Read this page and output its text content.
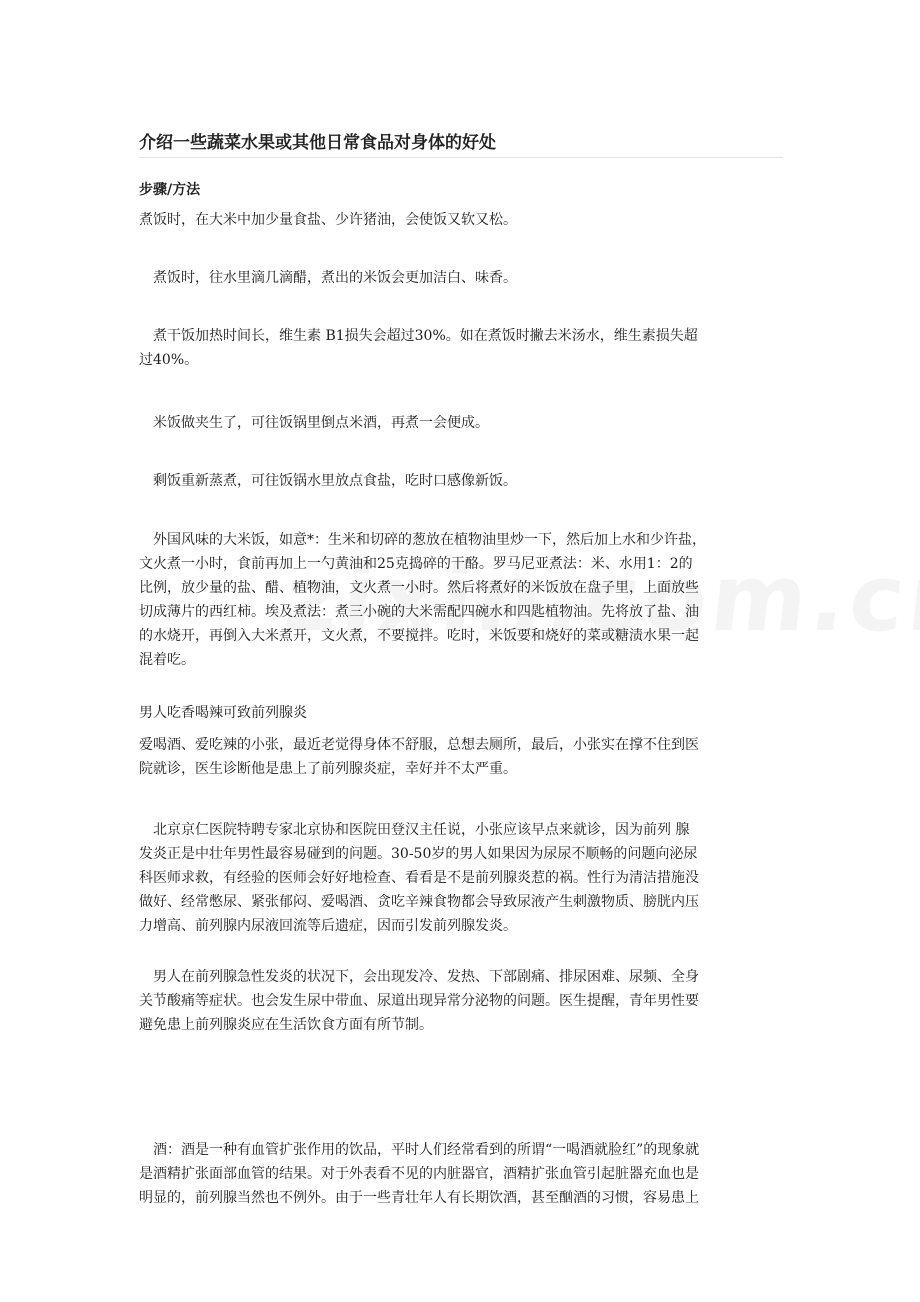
介绍一些蔬菜水果或其他日常食品对身体的好处
步骤/方法
煮饭时，在大米中加少量食盐、少许猪油，会使饭又软又松。
　煮饭时，往水里滴几滴醋，煮出的米饭会更加洁白、味香。
　煮干饭加热时间长，维生素 B1损失会超过30%。如在煮饭时撇去米汤水，维生素损失超
过40%。
　米饭做夹生了，可往饭锅里倒点米酒，再煮一会便成。
　剩饭重新蒸煮，可往饭锅水里放点食盐，吃时口感像新饭。
　外国风味的大米饭，如意*：生米和切碎的葱放在植物油里炒一下，然后加上水和少许盐，
文火煮一小时，食前再加上一勺黄油和25克捣碎的干酪。罗马尼亚煮法：米、水用1：2的
比例，放少量的盐、醋、植物油，文火煮一小时。然后将煮好的米饭放在盘子里，上面放些
切成薄片的西红柿。埃及煮法：煮三小碗的大米需配四碗水和四匙植物油。先将放了盐、油
的水烧开，再倒入大米煮开，文火煮，不要搅拌。吃时，米饭要和烧好的菜或糖渍水果一起
混着吃。
男人吃香喝辣可致前列腺炎
爱喝酒、爱吃辣的小张，最近老觉得身体不舒服，总想去厕所，最后，小张实在撑不住到医
院就诊，医生诊断他是患上了前列腺炎症，幸好并不太严重。
　北京京仁医院特聘专家北京协和医院田登汉主任说，小张应该早点来就诊，因为前列 腺
发炎正是中壮年男性最容易碰到的问题。30-50岁的男人如果因为尿尿不顺畅的问题向泌尿
科医师求救，有经验的医师会好好地检查、看看是不是前列腺炎惹的祸。性行为清洁措施没
做好、经常憋尿、紧张郁闷、爱喝酒、贪吃辛辣食物都会导致尿液产生刺激物质、膀胱内压
力增高、前列腺内尿液回流等后遗症，因而引发前列腺发炎。
　男人在前列腺急性发炎的状况下，会出现发冷、发热、下部剧痛、排尿困难、尿频、全身
关节酸痛等症状。也会发生尿中带血、尿道出现异常分泌物的问题。医生提醒，青年男性要
避免患上前列腺炎应在生活饮食方面有所节制。
　酒：酒是一种有血管扩张作用的饮品，平时人们经常看到的所谓“一喝酒就脸红”的现象就
是酒精扩张面部血管的结果。对于外表看不见的内脏器官，酒精扩张血管引起脏器充血也是
明显的，前列腺当然也不例外。由于一些青壮年人有长期饮酒，甚至酗酒的习惯，容易患上
